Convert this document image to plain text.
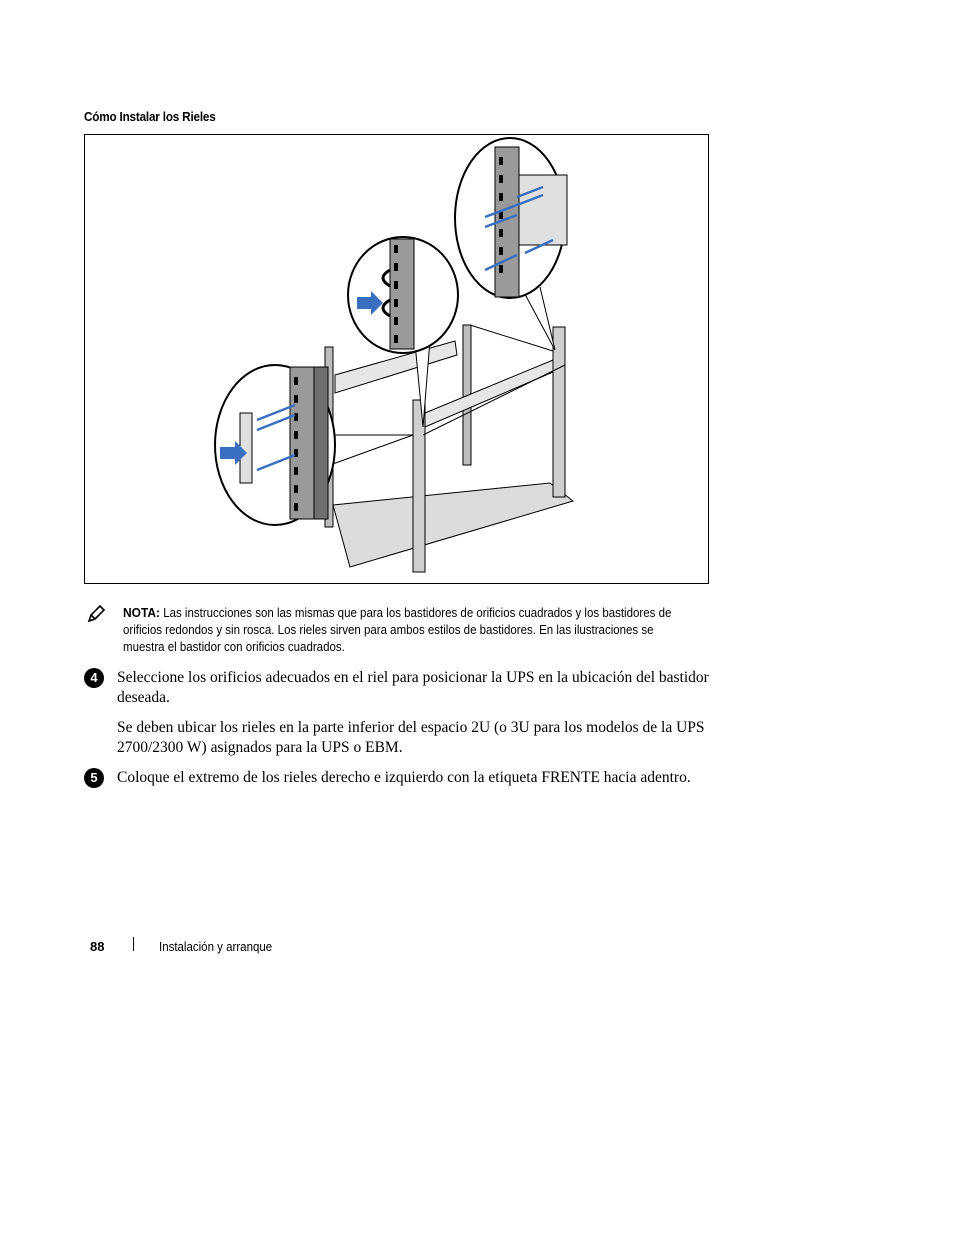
Cómo Instalar los Rieles
NOTA: Las instrucciones son las mismas que para los bastidores de orificios cuadrados y los bastidores de orificios redondos y sin rosca. Los rieles sirven para ambos estilos de bastidores. En las ilustraciones se muestra el bastidor con orificios cuadrados.
4	Seleccione los orificios adecuados en el riel para posicionar la UPS en la ubicación del bastidor deseada.
Se deben ubicar los rieles en la parte inferior del espacio 2U (o 3U para los modelos de la UPS 2700/2300 W) asignados para la UPS o EBM.
5	Coloque el extremo de los rieles derecho e izquierdo con la etiqueta FRENTE hacia adentro.
88	Instalación y arranque
